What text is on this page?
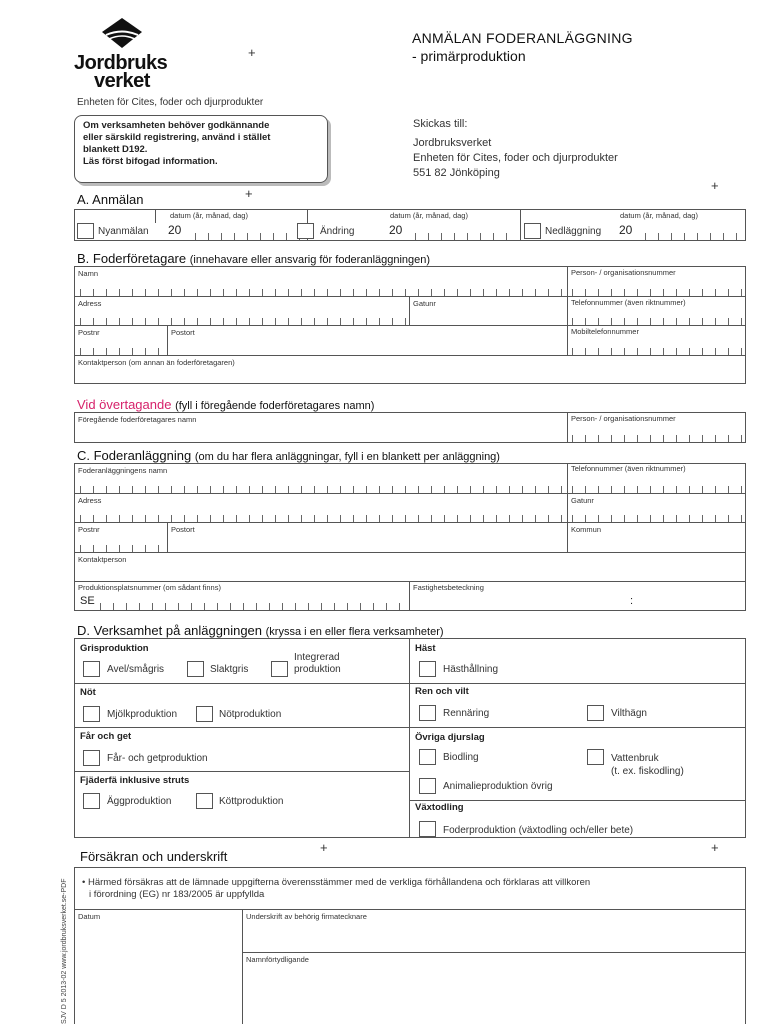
Jordbruks
verket
+
Enheten för Cites, foder och djurprodukter
ANMÄLAN FODERANLÄGGNING
- primärproduktion
Om verksamheten behöver godkännande
eller särskild registrering, använd i stället
blankett D192.
Läs först bifogad information.
Skickas till:
Jordbruksverket
Enheten för Cites, foder och djurprodukter
551 82 Jönköping
+
+
A. Anmälan
datum (år, månad, dag)	datum (år, månad, dag)	datum (år, månad, dag)
Nyanmälan 20	Ändring	20	Nedläggning 20
B. Foderföretagare (innehavare eller ansvarig för foderanläggningen)
Namn	Person- / organisationsnummer
Adress	Gatunr	Telefonnummer (även riktnummer)
Postnr	Postort	Mobiltelefonnummer
Kontaktperson (om annan än foderföretagaren)
Vid övertagande (fyll i föregående foderföretagares namn)
Föregående foderföretagares namn	Person- / organisationsnummer
C. Foderanläggning (om du har flera anläggningar, fyll i en blankett per anläggning)
Foderanläggningens namn	Telefonnummer (även riktnummer)
Adress	Gatunr
Postnr	Postort	Kommun
Kontaktperson
Produktionsplatsnummer (om sådant finns)	Fastighetsbeteckning
SE	:
D. Verksamhet på anläggningen (kryssa i en eller flera verksamheter)
Grisproduktion
Avel/smågris	Slaktgris
Integrerad
produktion
Häst
Hästhållning
Nöt
Mjölkproduktion	Nötproduktion
Ren och vilt
Rennäring	Vilthägn
Får och get
Får- och getproduktion
Övriga djurslag
Biodling	Vattenbruk
(t. ex. fiskodling)
Animalieproduktion övrig
Fjäderfä inklusive struts
Äggproduktion	Köttproduktion
Växtodling
Foderproduktion (växtodling och/eller bete)
+	+
Försäkran och underskrift
• Härmed försäkras att de lämnade uppgifterna överensstämmer med de verkliga förhållandena och förklaras att villkoren
i förordning (EG) nr 183/2005 är uppfyllda
Datum	Underskrift av behörig firmatecknare
Namnförtydligande
SJV D 5 2013-02 www.jordbruksverket.se-PDF
